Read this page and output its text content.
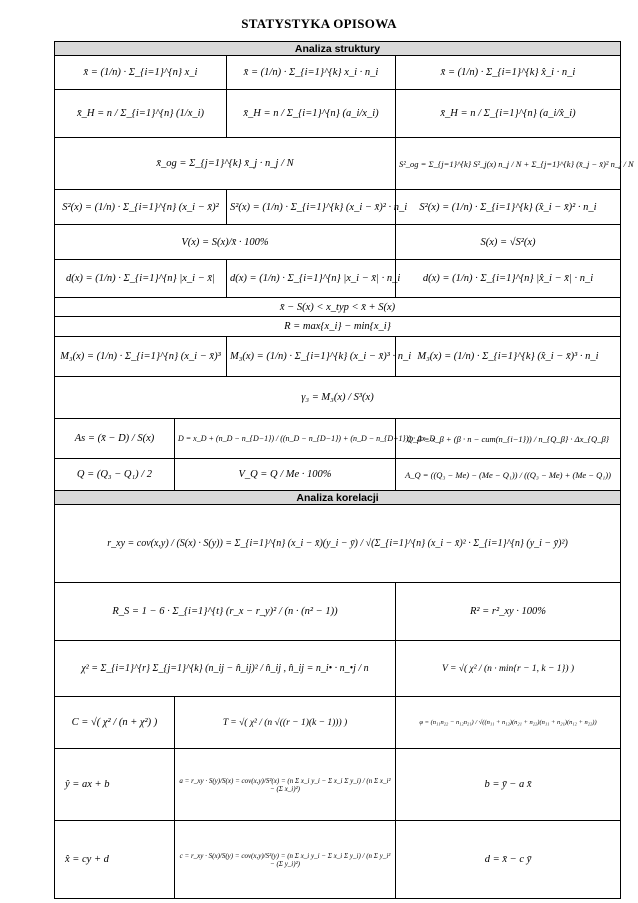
STATYSTYKA OPISOWA
Analiza struktury			
x̄ = (1/n) · Σ_{i=1}^{n} x_i		x̄ = (1/n) · Σ_{i=1}^{k} x_i · n_i	x̄ = (1/n) · Σ_{i=1}^{k} x̂_i · n_i
x̄_H = n / Σ_{i=1}^{n} (1/x_i)		x̄_H = n / Σ_{i=1}^{n} (a_i/x_i)	x̄_H = n / Σ_{i=1}^{n} (a_i/x̂_i)
x̄_og = Σ_{j=1}^{k} x̄_j · n_j / N			S²_og = Σ_{j=1}^{k} S²_j(x) n_j / N + Σ_{j=1}^{k} (x̄_j − x̄)² n_j / N
S²(x) = (1/n) · Σ_{i=1}^{n} (x_i − x̄)²		S²(x) = (1/n) · Σ_{i=1}^{k} (x_i − x̄)² · n_i	S²(x) = (1/n) · Σ_{i=1}^{k} (x̂_i − x̄)² · n_i
V(x) = S(x)/x̄ · 100%			S(x) = √S²(x)
d(x) = (1/n) · Σ_{i=1}^{n} |x_i − x̄|		d(x) = (1/n) · Σ_{i=1}^{n} |x_i − x̄| · n_i	d(x) = (1/n) · Σ_{i=1}^{n} |x̂_i − x̄| · n_i
x̄ − S(x) < x_typ < x̄ + S(x)			
R = max{x_i} − min{x_i}			
M₃(x) = (1/n) · Σ_{i=1}^{n} (x_i − x̄)³		M₃(x) = (1/n) · Σ_{i=1}^{k} (x_i − x̄)³ · n_i	M₃(x) = (1/n) · Σ_{i=1}^{k} (x̂_i − x̄)³ · n_i
γ₃ = M₃(x) / S³(x)			
As = (x̄ − D) / S(x)	D = x_D + (n_D − n_{D−1}) / ((n_D − n_{D−1}) + (n_D − n_{D+1})) · Δx_D		Q_β = x_β + (β · n − cum(n_{i−1})) / n_{Q_β} · Δx_{Q_β}
Q = (Q₃ − Q₁) / 2	V_Q = Q / Me · 100%		A_Q = ((Q₃ − Me) − (Me − Q₁)) / ((Q₃ − Me) + (Me − Q₁))
Analiza korelacji			
r_xy = cov(x,y) / (S(x) · S(y)) = Σ_{i=1}^{n} (x_i − x̄)(y_i − ȳ) / √(Σ_{i=1}^{n} (x_i − x̄)² · Σ_{i=1}^{n} (y_i − ȳ)²)			
R_S = 1 − 6 · Σ_{i=1}^{t} (r_x − r_y)² / (n · (n² − 1))			R² = r²_xy · 100%
χ² = Σ_{i=1}^{r} Σ_{j=1}^{k} (n_ij − n̂_ij)² / n̂_ij , n̂_ij = n_i• · n_•j / n			V = √( χ² / (n · min{r − 1, k − 1}) )
C = √( χ² / (n + χ²) )	T = √( χ² / (n √((r − 1)(k − 1))) )		φ = (n₁₁n₂₂ − n₁₂n₂₁) / √((n₁₁ + n₁₂)(n₂₁ + n₂₂)(n₁₁ + n₂₁)(n₁₂ + n₂₂))
ŷ = ax + b	a = r_xy · S(y)/S(x) = cov(x,y)/S²(x) = (n Σ x_i y_i − Σ x_i Σ y_i) / (n Σ x_i² − (Σ x_i)²)		b = ȳ − a x̄
x̂ = cy + d	c = r_xy · S(x)/S(y) = cov(x,y)/S²(y) = (n Σ x_i y_i − Σ x_i Σ y_i) / (n Σ y_i² − (Σ y_i)²)		d = x̄ − c ȳ
